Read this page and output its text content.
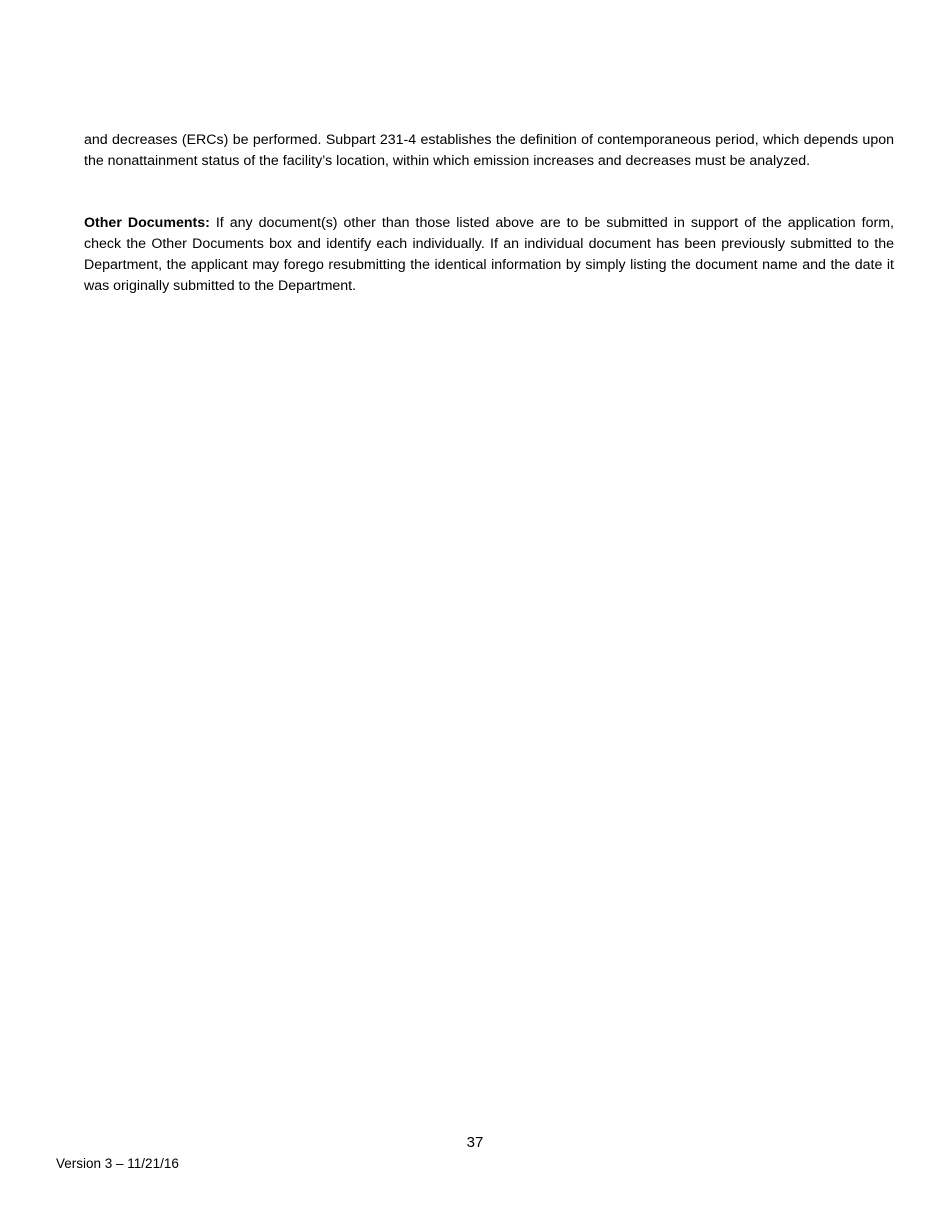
and decreases (ERCs) be performed. Subpart 231-4 establishes the definition of contemporaneous period, which depends upon the nonattainment status of the facility’s location, within which emission increases and decreases must be analyzed.

Other Documents: If any document(s) other than those listed above are to be submitted in support of the application form, check the Other Documents box and identify each individually. If an individual document has been previously submitted to the Department, the applicant may forego resubmitting the identical information by simply listing the document name and the date it was originally submitted to the Department.

37
Version 3 – 11/21/16
